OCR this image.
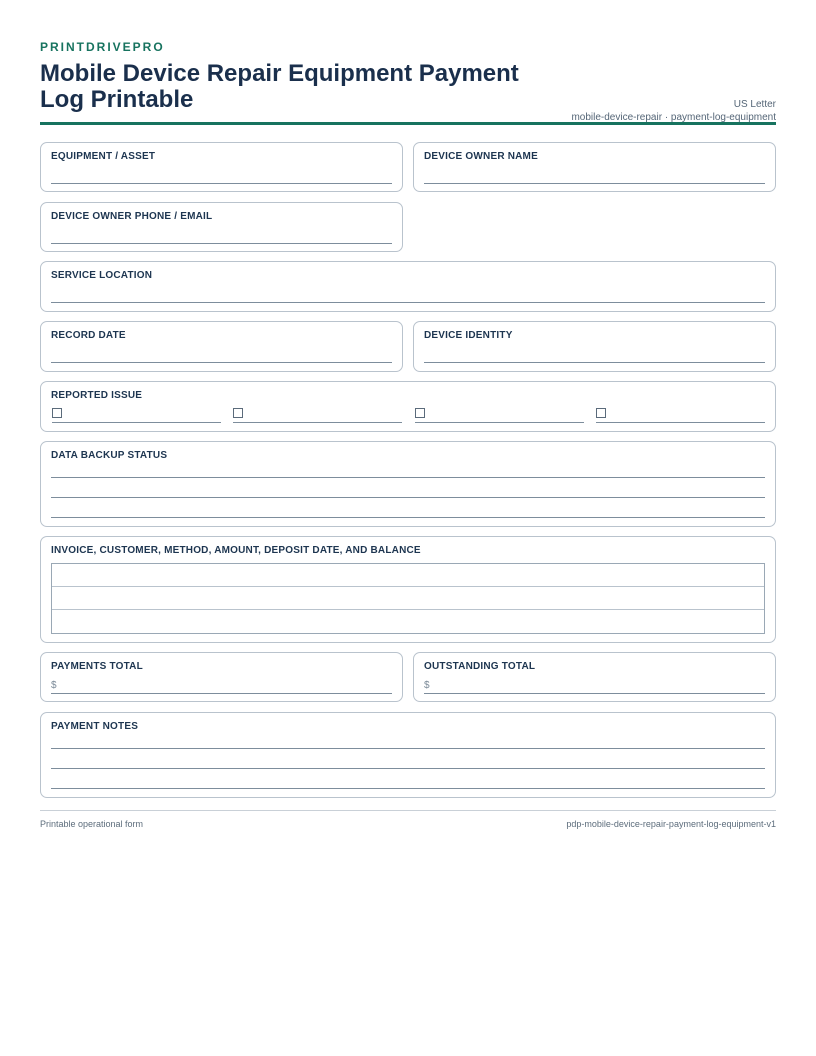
PRINTDRIVEPRO
Mobile Device Repair Equipment Payment Log Printable	US Letter
mobile-device-repair · payment-log-equipment
EQUIPMENT / ASSET	DEVICE OWNER NAME
DEVICE OWNER PHONE / EMAIL
SERVICE LOCATION
RECORD DATE	DEVICE IDENTITY
REPORTED ISSUE
DATA BACKUP STATUS
INVOICE, CUSTOMER, METHOD, AMOUNT, DEPOSIT DATE, AND BALANCE
PAYMENTS TOTAL
$
OUTSTANDING TOTAL
$
PAYMENT NOTES
Printable operational form	pdp-mobile-device-repair-payment-log-equipment-v1
